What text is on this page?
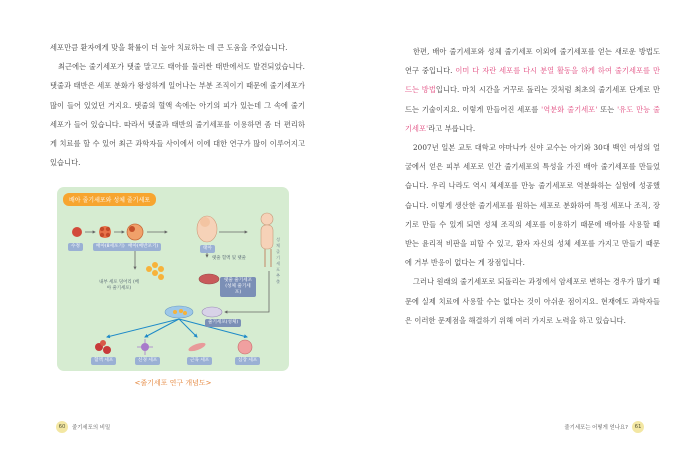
세포만큼 환자에게 맞을 확률이 더 높아 치료하는 데 큰 도움을 주었습니다.

최근에는 줄기세포가 탯줄 말고도 태아를 둘러싼 태반에서도 발견되었습니다. 탯줄과 태반은 세포 분화가 왕성하게 일어나는 부분 조직이기 때문에 줄기세포가 많이 들어 있었던 거지요. 탯줄의 혈액 속에는 아기의 피가 있는데 그 속에 줄기세포가 들어 있습니다. 따라서 탯줄과 태반의 줄기세포를 이용하면 좀 더 편리하게 치료를 할 수 있어 최근 과학자들 사이에서 이에 대한 연구가 많이 이루어지고 있습니다.

배아 줄기세포와 성체 줄기세포
수정	배아(8세포기) 배아(배반포기)	태아
탯줄 혈액 및 탯줄
내부 세포 덩어리 (배아 줄기세포)
탯줄 줄기세포 (성체 줄기세포)
줄기세포(성체)
혈액 세포	신경 세포	근육 세포	심장 세포
성체 줄기세포 추출
<줄기세포 연구 개념도>
60	줄기세포의 비밀

한편, 배아 줄기세포와 성체 줄기세포 이외에 줄기세포를 얻는 새로운 방법도 연구 중입니다. 이미 다 자란 세포를 다시 분열 활동을 하게 하여 줄기세포를 만드는 방법입니다. 마치 시간을 거꾸로 돌리는 것처럼 최초의 줄기세포 단계로 만드는 기술이지요. 이렇게 만들어진 세포를 '역분화 줄기세포' 또는 '유도 만능 줄기세포'라고 부릅니다.

2007년 일본 교토 대학교 야마나카 신야 교수는 아기와 30대 백인 여성의 얼굴에서 얻은 피부 세포로 인간 줄기세포의 특성을 가진 배아 줄기세포를 만들었습니다. 우리 나라도 역시 체세포를 만능 줄기세포로 역분화하는 실험에 성공했습니다. 이렇게 생산한 줄기세포를 원하는 세포로 분화하여 특정 세포나 조직, 장기로 만들 수 있게 되면 성체 조직의 세포를 이용하기 때문에 배아를 사용할 때 받는 윤리적 비판을 피할 수 있고, 환자 자신의 성체 세포를 가지고 만들기 때문에 거부 반응이 없다는 게 장점입니다.

그러나 원래의 줄기세포로 되돌리는 과정에서 암세포로 변하는 경우가 많기 때문에 실제 치료에 사용할 수는 없다는 것이 아쉬운 점이지요. 현재에도 과학자들은 이러한 문제점을 해결하기 위해 여러 가지로 노력을 하고 있습니다.

줄기세포는 어떻게 얻나요?	61
